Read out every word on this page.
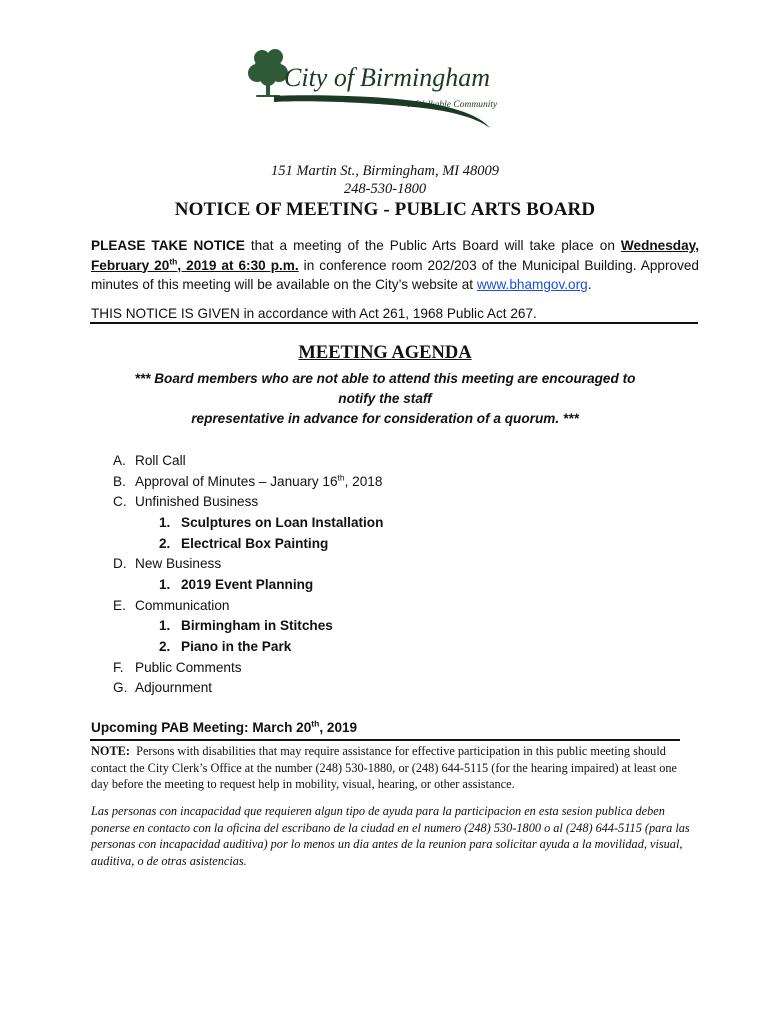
City of Birmingham
A Walkable Community
151 Martin St., Birmingham, MI 48009
248-530-1800
NOTICE OF MEETING - PUBLIC ARTS BOARD
PLEASE TAKE NOTICE that a meeting of the Public Arts Board will take place on Wednesday, February 20th, 2019 at 6:30 p.m. in conference room 202/203 of the Municipal Building. Approved minutes of this meeting will be available on the City’s website at www.bhamgov.org.
THIS NOTICE IS GIVEN in accordance with Act 261, 1968 Public Act 267.
MEETING AGENDA
*** Board members who are not able to attend this meeting are encouraged to
notify the staff
representative in advance for consideration of a quorum. ***
A. Roll Call
B. Approval of Minutes – January 16th, 2018
C. Unfinished Business
1. Sculptures on Loan Installation
2. Electrical Box Painting
D. New Business
1. 2019 Event Planning
E. Communication
1. Birmingham in Stitches
2. Piano in the Park
F. Public Comments
G. Adjournment
Upcoming PAB Meeting: March 20th, 2019
NOTE:  Persons with disabilities that may require assistance for effective participation in this public meeting should contact the City Clerk’s Office at the number (248) 530-1880, or (248) 644-5115 (for the hearing impaired) at least one day before the meeting to request help in mobility, visual, hearing, or other assistance.
Las personas con incapacidad que requieren algun tipo de ayuda para la participacion en esta sesion publica deben ponerse en contacto con la oficina del escribano de la ciudad en el numero (248) 530-1800 o al (248) 644-5115 (para las personas con incapacidad auditiva) por lo menos un dia antes de la reunion para solicitar ayuda a la movilidad, visual, auditiva, o de otras asistencias.
